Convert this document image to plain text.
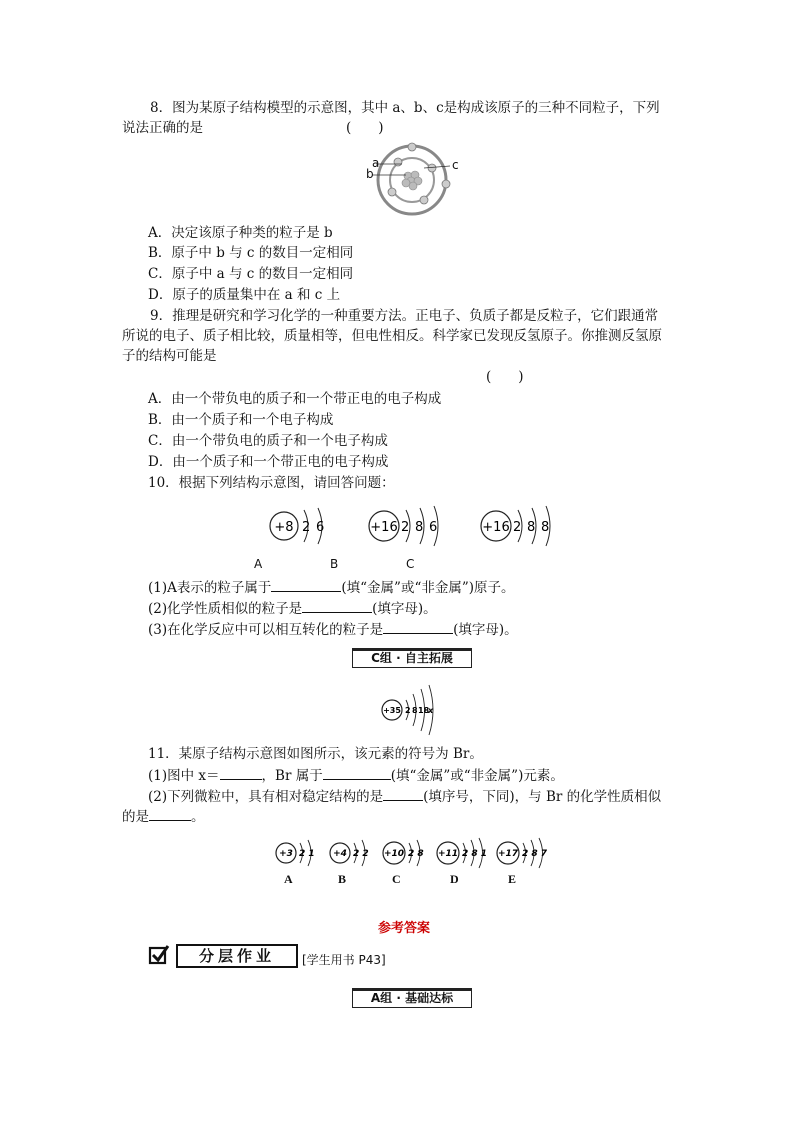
8．图为某原子结构模型的示意图，其中 a、b、c是构成该原子的三种不同粒子，下列
说法正确的是	(　　)
a
b
c
A．决定该原子种类的粒子是 b
B．原子中 b 与 c 的数目一定相同
C．原子中 a 与 c 的数目一定相同
D．原子的质量集中在 a 和 c 上
9．推理是研究和学习化学的一种重要方法。正电子、负质子都是反粒子，它们跟通常
所说的电子、质子相比较，质量相等，但电性相反。科学家已发现反氢原子。你推测反氢原
子的结构可能是
(　　)
A．由一个带负电的质子和一个带正电的电子构成
B．由一个质子和一个电子构成
C．由一个带负电的质子和一个电子构成
D．由一个质子和一个带正电的电子构成
10．根据下列结构示意图，请回答问题：
+8 2 6	+16 2 8 6	+16 2 8 8
A	B	C
(1)A表示的粒子属于	(填“金属”或“非金属”)原子。
(2)化学性质相似的粒子是	(填字母)。
(3)在化学反应中可以相互转化的粒子是	(填字母)。
C组 · 自主拓展
+35 2 8 18
x
11．某原子结构示意图如图所示，该元素的符号为 Br。
(1)图中 x＝	，Br 属于	(填“金属”或“非金属”)元素。
(2)下列微粒中，具有相对稳定结构的是	(填序号，下同)，与 Br 的化学性质相似
的是	。
+3 2 1 +4 2 2 +10 2 8 +11 2 8 1 +17 2 8 7
A	B	C	D	E
参考答案
分层作业	[学生用书 P43]
A组 · 基础达标
